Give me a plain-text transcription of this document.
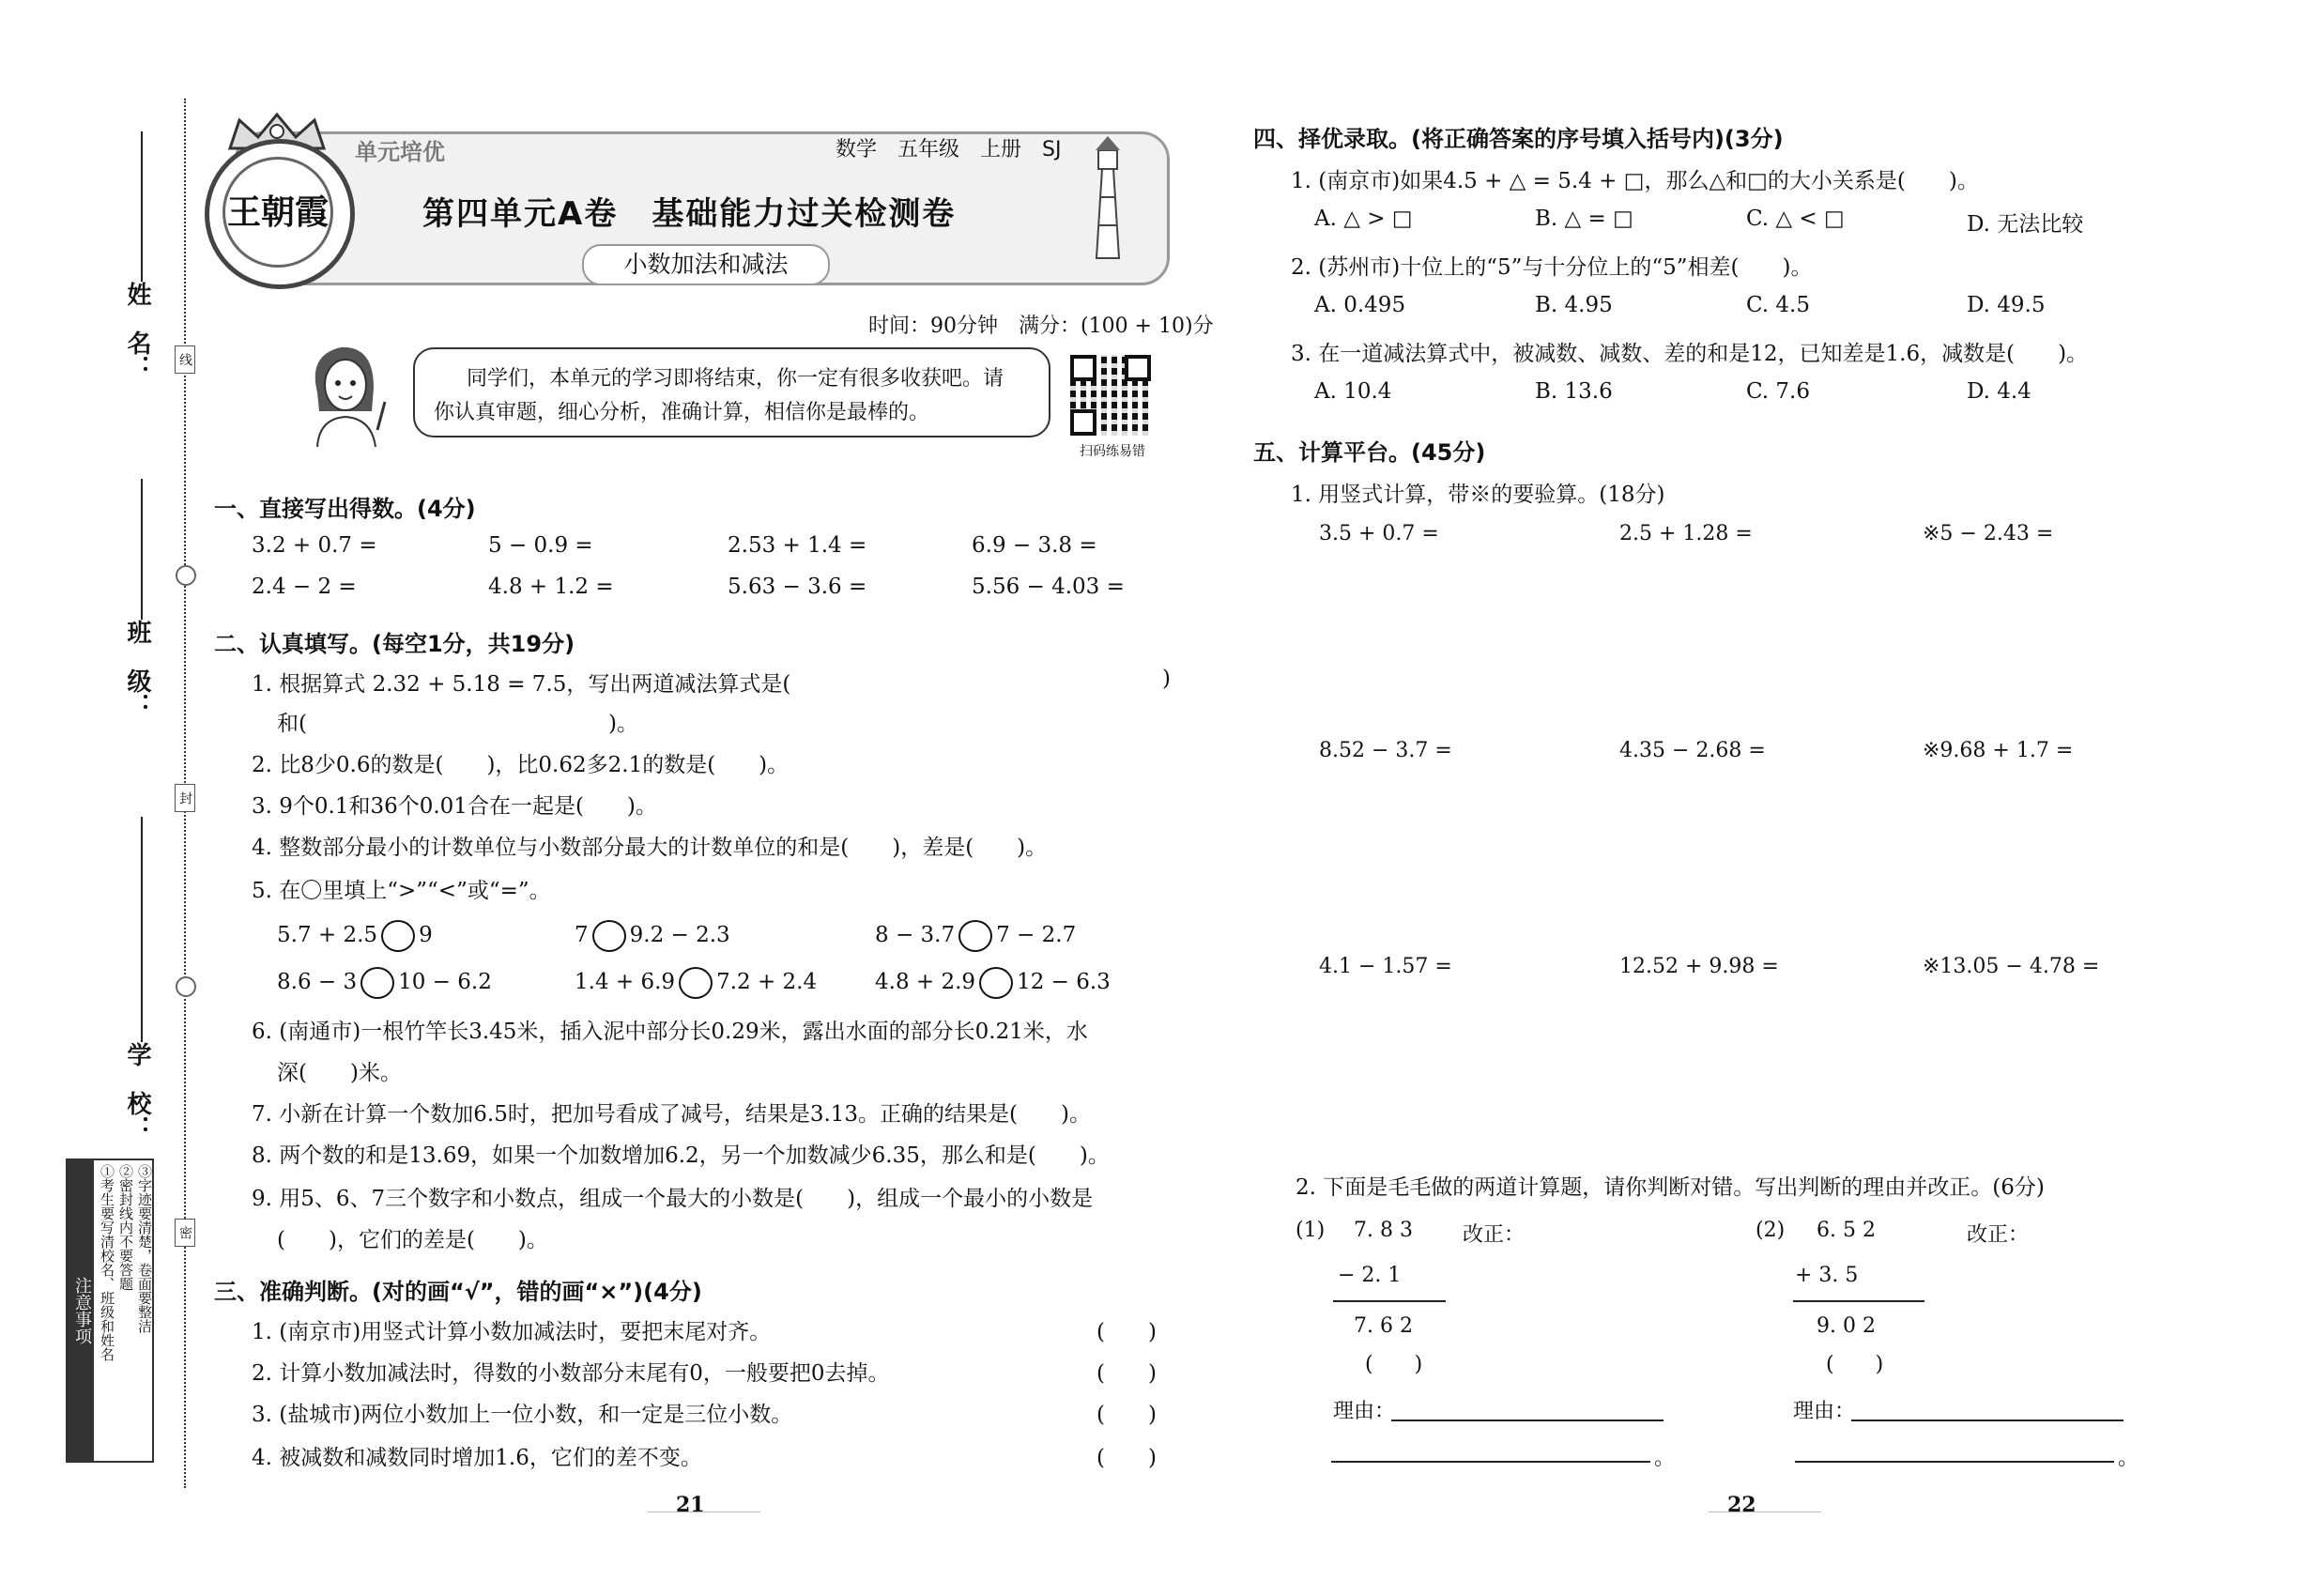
姓　名：
班　级：
学　校：
线
封
密
注意事项 ①考生要写清校名、班级和姓名 ②密封线内不要答题 ③字迹要清楚，卷面要整洁
王朝霞
单元培优	数学　五年级　上册　SJ
第四单元A卷　基础能力过关检测卷
小数加法和减法
时间：90分钟　满分：(100 + 10)分
同学们，本单元的学习即将结束，你一定有很多收获吧。请
你认真审题，细心分析，准确计算，相信你是最棒的。
扫码练易错
一、直接写出得数。(4分)
3.2 + 0.7 =	5 − 0.9 =	2.53 + 1.4 =	6.9 − 3.8 =
2.4 − 2 =	4.8 + 1.2 =	5.63 − 3.6 =	5.56 − 4.03 =
二、认真填写。(每空1分，共19分)
1. 根据算式 2.32 + 5.18 = 7.5，写出两道减法算式是(	)
和(	)。
2. 比8少0.6的数是(　　)，比0.62多2.1的数是(　　)。
3. 9个0.1和36个0.01合在一起是(　　)。
4. 整数部分最小的计数单位与小数部分最大的计数单位的和是(　　)，差是(　　)。
5. 在〇里填上“>”“<”或“=”。
5.7 + 2.5 9	7 9.2 − 2.3	8 − 3.7 7 − 2.7
8.6 − 3 10 − 6.2	1.4 + 6.9 7.2 + 2.4	4.8 + 2.9 12 − 6.3
6. (南通市)一根竹竿长3.45米，插入泥中部分长0.29米，露出水面的部分长0.21米，水
深(　　)米。
7. 小新在计算一个数加6.5时，把加号看成了减号，结果是3.13。正确的结果是(　　)。
8. 两个数的和是13.69，如果一个加数增加6.2，另一个加数减少6.35，那么和是(　　)。
9. 用5、6、7三个数字和小数点，组成一个最大的小数是(　　)，组成一个最小的小数是
(　　)，它们的差是(　　)。
三、准确判断。(对的画“√”，错的画“×”)(4分)
1. (南京市)用竖式计算小数加减法时，要把末尾对齐。	(　　)
2. 计算小数加减法时，得数的小数部分末尾有0，一般要把0去掉。	(　　)
3. (盐城市)两位小数加上一位小数，和一定是三位小数。	(　　)
4. 被减数和减数同时增加1.6，它们的差不变。	(　　)
21
四、择优录取。(将正确答案的序号填入括号内)(3分)
1. (南京市)如果4.5 + △ = 5.4 + □，那么△和□的大小关系是(　　)。
A. △ > □	B. △ = □	C. △ < □	D. 无法比较
2. (苏州市)十位上的“5”与十分位上的“5”相差(　　)。
A. 0.495	B. 4.95	C. 4.5	D. 49.5
3. 在一道减法算式中，被减数、减数、差的和是12，已知差是1.6，减数是(　　)。
A. 10.4	B. 13.6	C. 7.6	D. 4.4
五、计算平台。(45分)
1. 用竖式计算，带※的要验算。(18分)
3.5 + 0.7 =	2.5 + 1.28 =	※5 − 2.43 =
8.52 − 3.7 =	4.35 − 2.68 =	※9.68 + 1.7 =
4.1 − 1.57 =	12.52 + 9.98 =	※13.05 − 4.78 =
2. 下面是毛毛做的两道计算题，请你判断对错。写出判断的理由并改正。(6分)
(1) 7. 8 3 改正：
− 2. 1
7. 6 2
(　　)
理由：
。
(2) 6. 5 2	改正：
+ 3. 5
9. 0 2
(　　)
理由：
。
22
